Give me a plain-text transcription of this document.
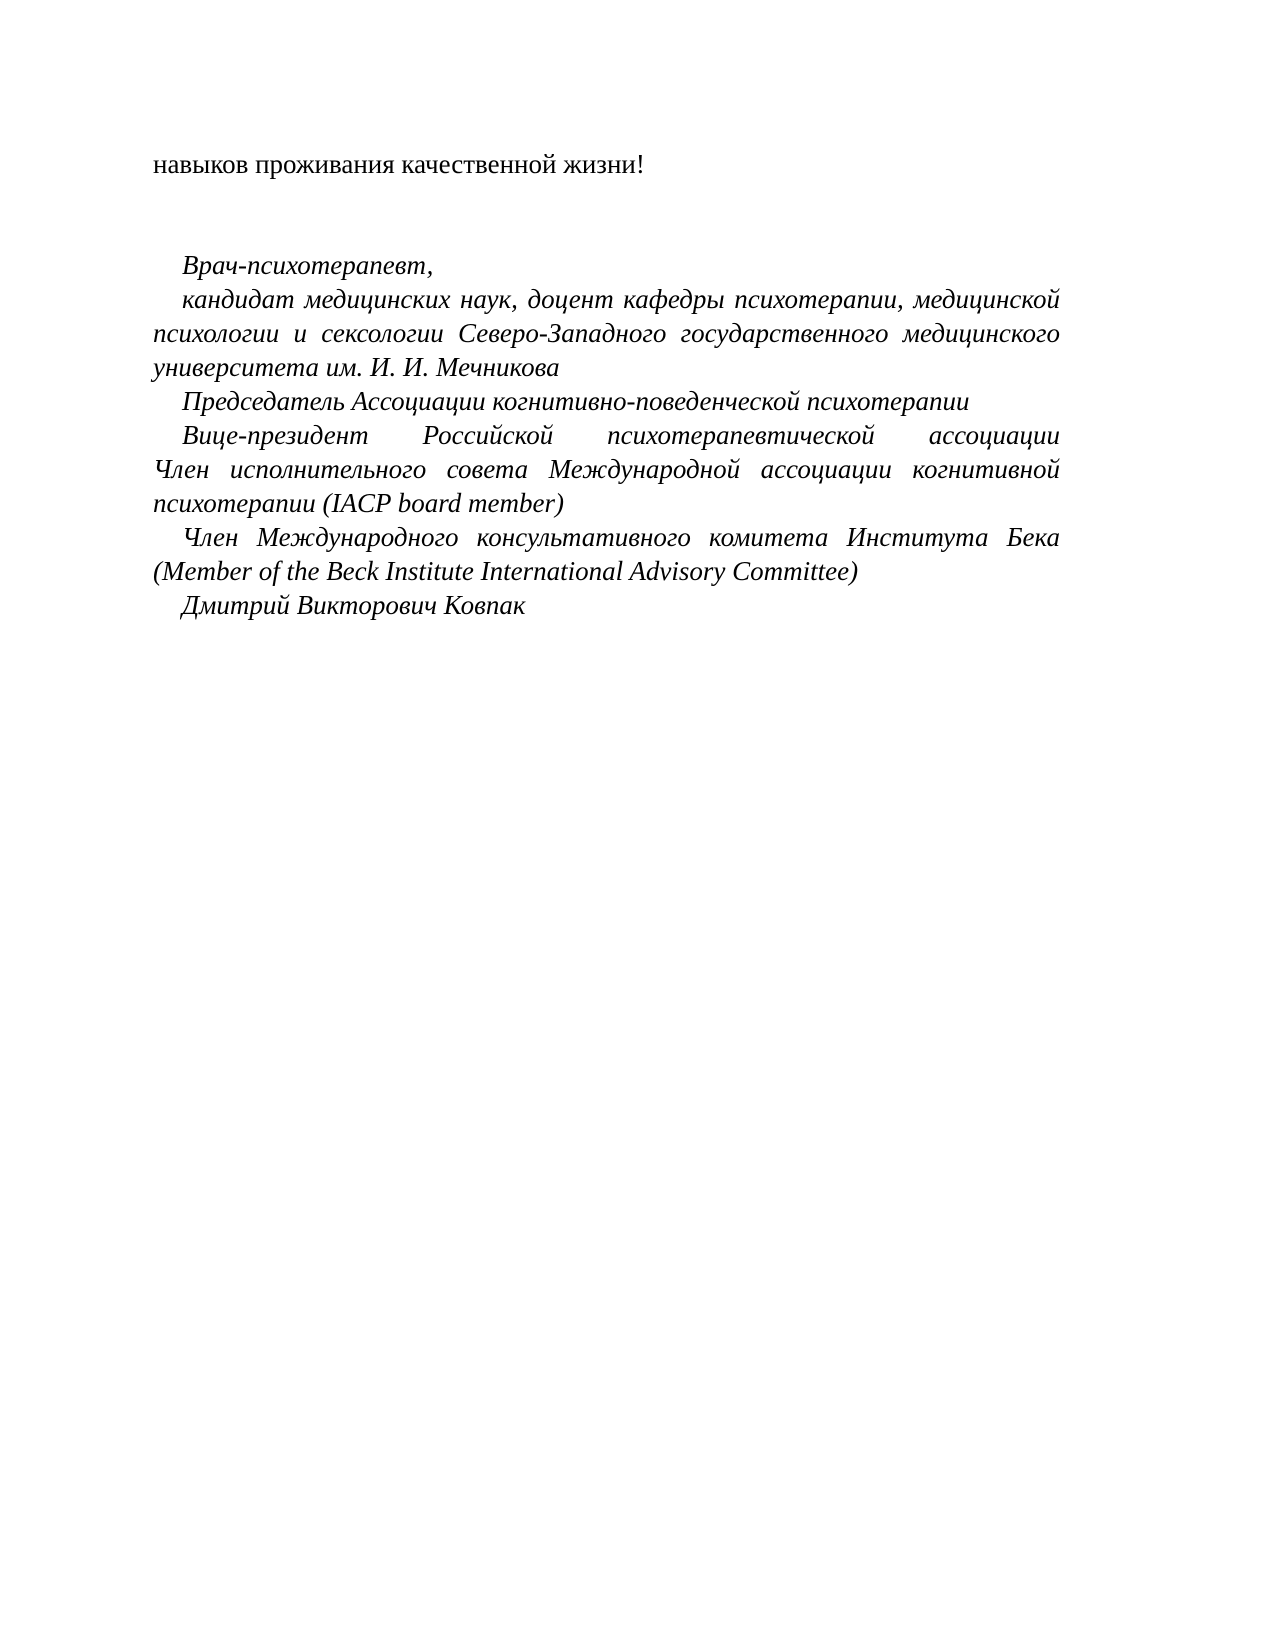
навыков проживания качественной жизни!

Врач-психотерапевт,

кандидат медицинских наук, доцент кафедры психотерапии, медицинской психологии и сексологии Северо-Западного государственного медицинского университета им. И. И. Мечникова

Председатель Ассоциации когнитивно-поведенческой психотерапии

Вице-президент Российской психотерапевтической ассоциации

Член исполнительного совета Международной ассоциации когнитивной психотерапии (IACP board member)

Член Международного консультативного комитета Института Бека (Member of the Beck Institute International Advisory Committee)

Дмитрий Викторович Ковпак
